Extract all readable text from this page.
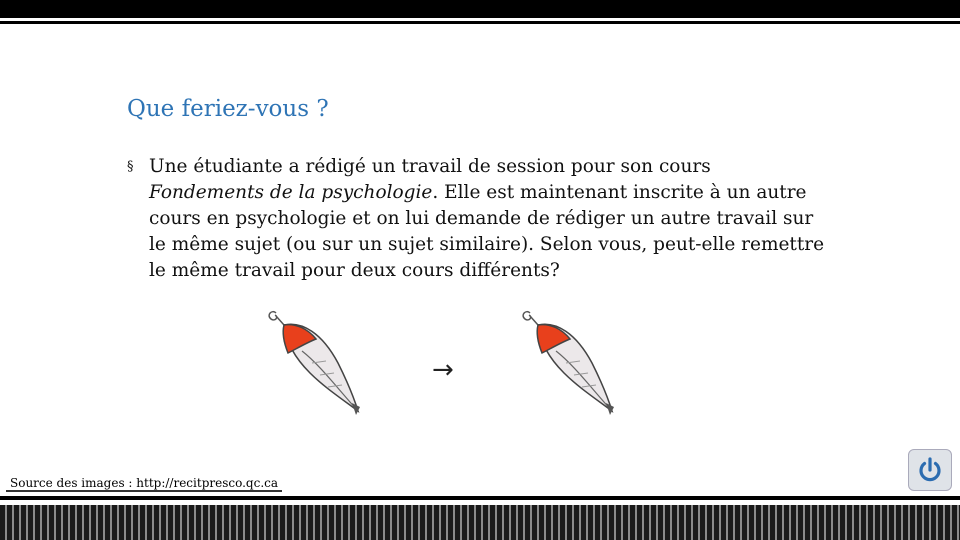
Que feriez-vous ?
§ Une étudiante a rédigé un travail de session pour son cours Fondements de la psychologie. Elle est maintenant inscrite à un autre cours en psychologie et on lui demande de rédiger un autre travail sur le même sujet (ou sur un sujet similaire). Selon vous, peut-elle remettre le même travail pour deux cours différents?
→
Source des images : http://recitpresco.qc.ca
